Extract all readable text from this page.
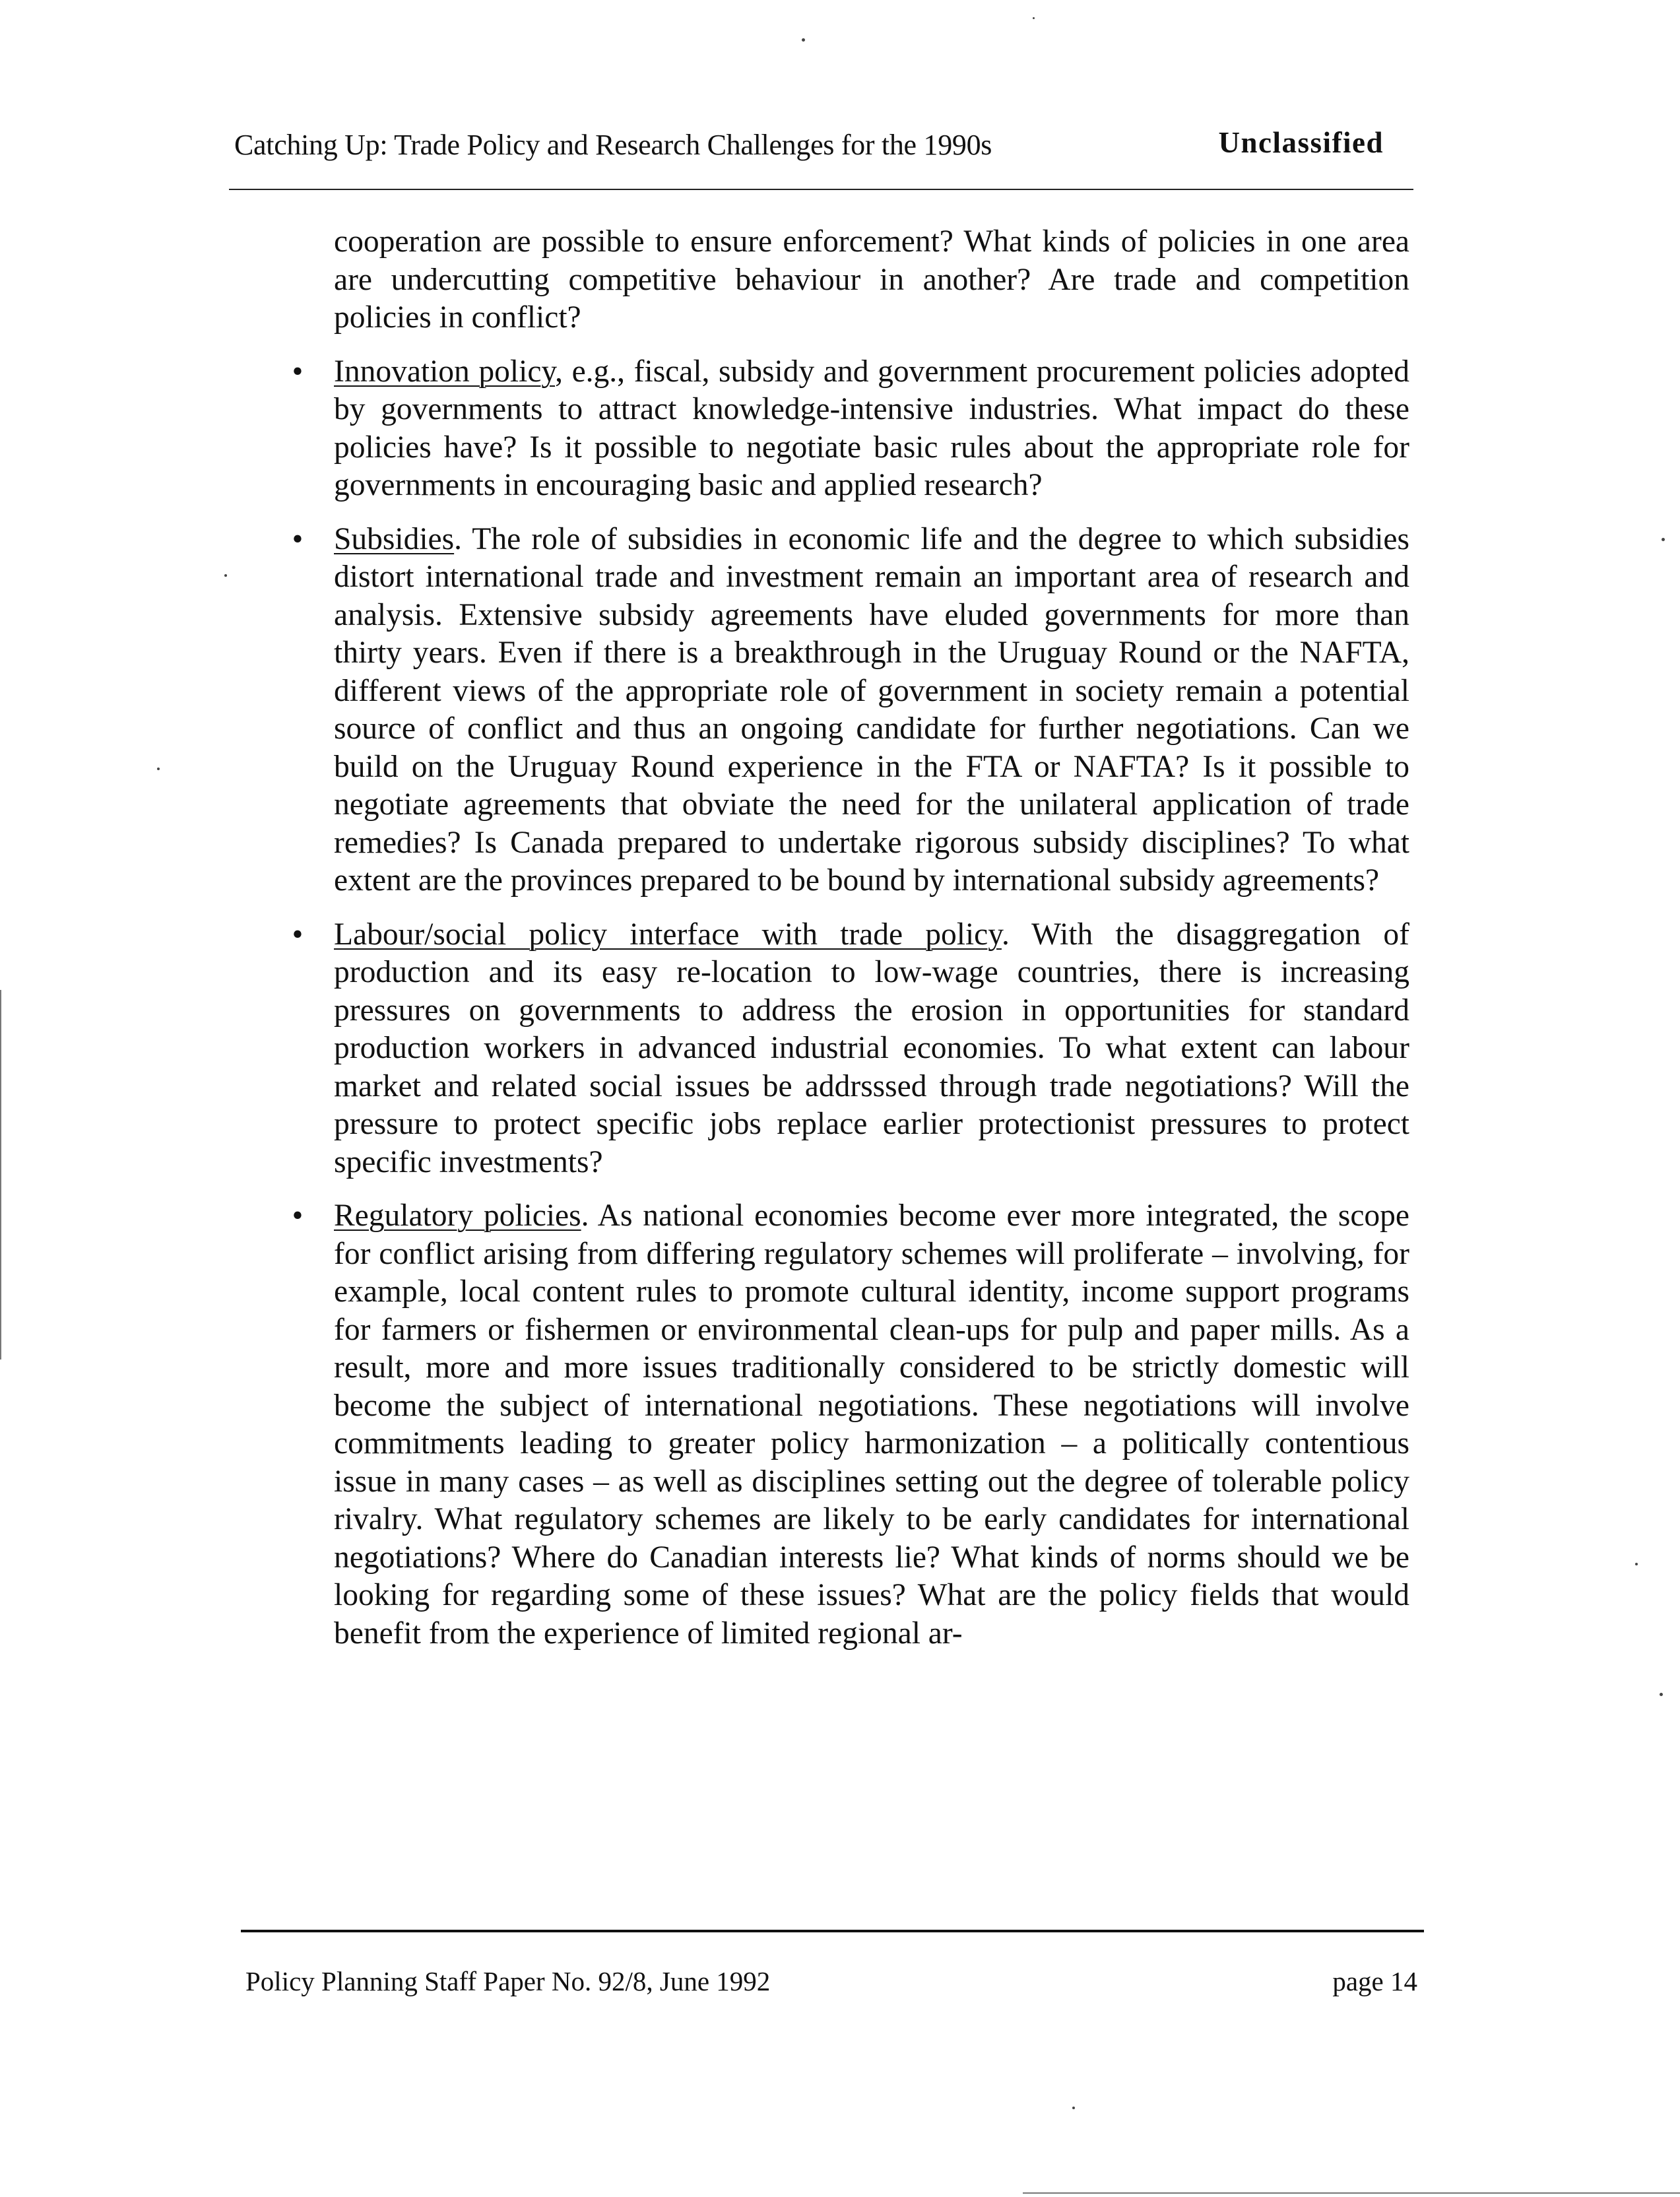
Catching Up: Trade Policy and Research Challenges for the 1990s	Unclassified

cooperation are possible to ensure enforcement? What kinds of policies in one area are undercutting competitive behaviour in another? Are trade and competition policies in conflict?

• Innovation policy, e.g., fiscal, subsidy and government procurement policies adopted by governments to attract knowledge-intensive industries. What impact do these policies have? Is it possible to negotiate basic rules about the appropriate role for governments in encouraging basic and applied research?
• Subsidies. The role of subsidies in economic life and the degree to which subsidies distort international trade and investment remain an important area of research and analysis. Extensive subsidy agreements have eluded governments for more than thirty years. Even if there is a breakthrough in the Uruguay Round or the NAFTA, different views of the appropriate role of government in society remain a potential source of conflict and thus an ongoing candidate for further negotiations. Can we build on the Uruguay Round experience in the FTA or NAFTA? Is it possible to negotiate agreements that obviate the need for the unilateral application of trade remedies? Is Canada prepared to undertake rigorous subsidy disciplines? To what extent are the provinces prepared to be bound by international subsidy agreements?
• Labour/social policy interface with trade policy. With the disaggregation of production and its easy re-location to low-wage countries, there is increasing pressures on governments to address the erosion in opportunities for standard production workers in advanced industrial economies. To what extent can labour market and related social issues be addrsssed through trade negotiations? Will the pressure to protect specific jobs replace earlier protectionist pressures to protect specific investments?
• Regulatory policies. As national economies become ever more integrated, the scope for conflict arising from differing regulatory schemes will proliferate – involving, for example, local content rules to promote cultural identity, income support programs for farmers or fishermen or environmental clean-ups for pulp and paper mills. As a result, more and more issues traditionally considered to be strictly domestic will become the subject of international negotiations. These negotiations will involve commitments leading to greater policy harmonization – a politically contentious issue in many cases – as well as disciplines setting out the degree of tolerable policy rivalry. What regulatory schemes are likely to be early candidates for international negotiations? Where do Canadian interests lie? What kinds of norms should we be looking for regarding some of these issues? What are the policy fields that would benefit from the experience of limited regional ar-
Policy Planning Staff Paper No. 92/8, June 1992	page 14
